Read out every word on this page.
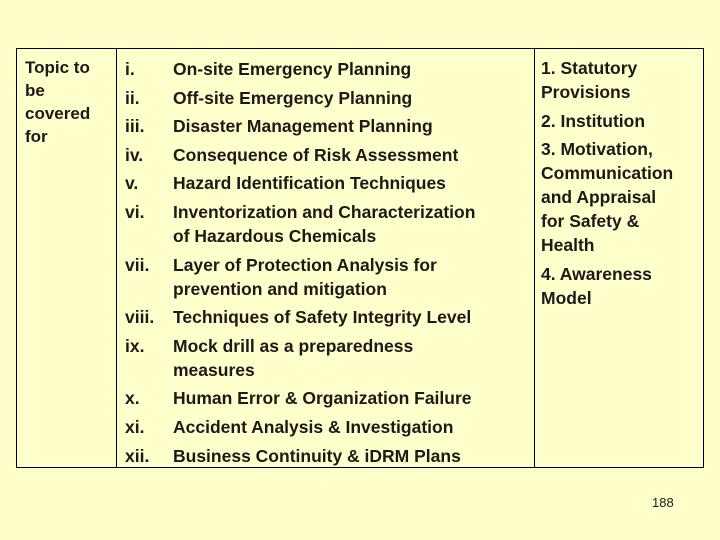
Topic to
be
covered
for
i. On-site Emergency Planning
ii. Off-site Emergency Planning
iii. Disaster Management Planning
iv. Consequence of Risk Assessment
v. Hazard Identification Techniques
vi. Inventorization and Characterization
of Hazardous Chemicals
vii. Layer of Protection Analysis for
prevention and mitigation
viii. Techniques of Safety Integrity Level
ix. Mock drill as a preparedness
measures
x. Human Error & Organization Failure
xi. Accident Analysis & Investigation
xii. Business Continuity & iDRM Plans
1. Statutory
Provisions
2. Institution
3. Motivation,
Communication
and Appraisal
for Safety &
Health
4. Awareness
Model
188
